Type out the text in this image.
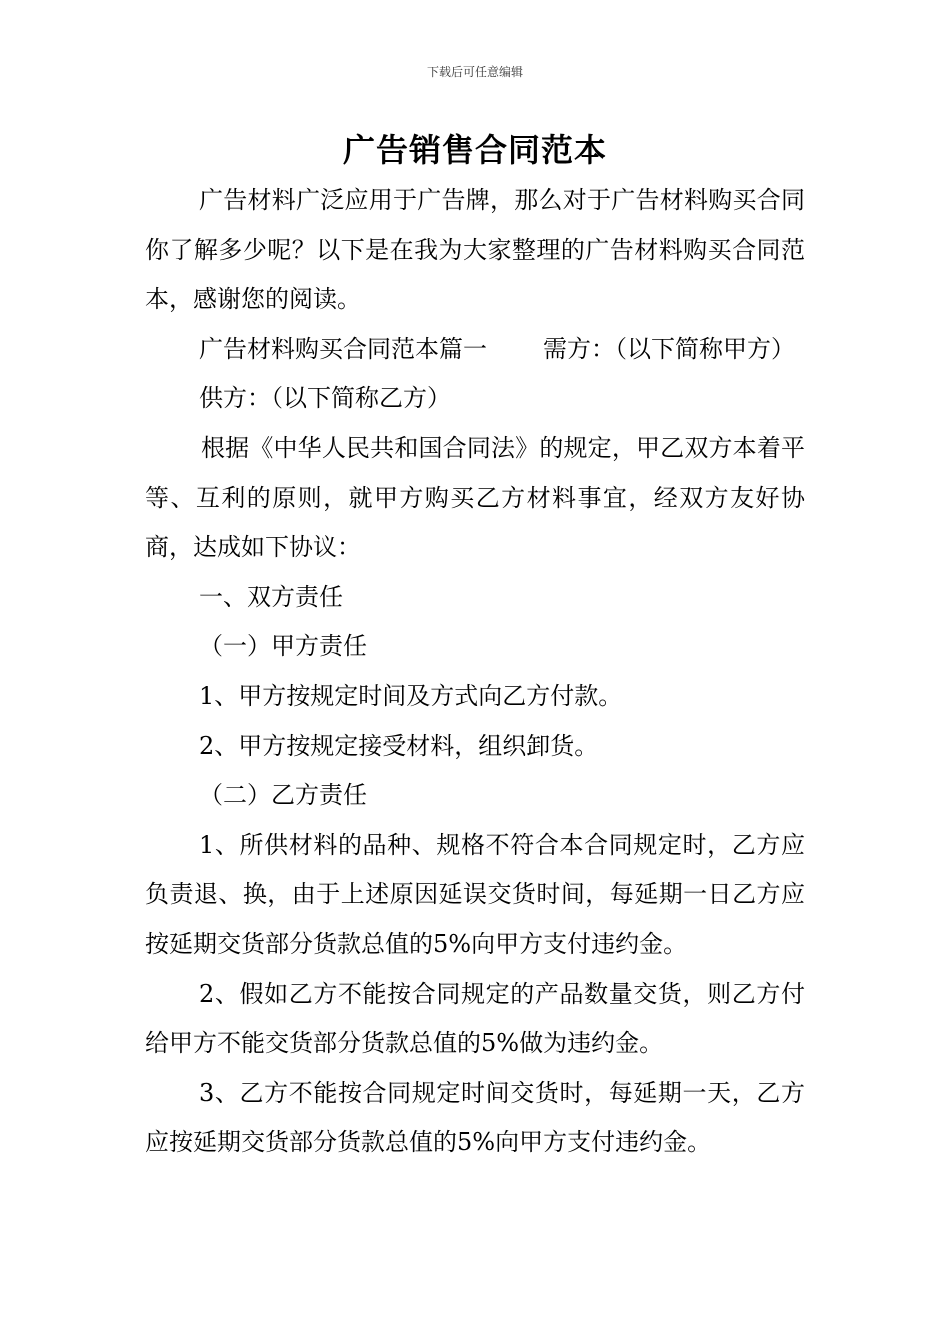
下载后可任意编辑
广告销售合同范本

广告材料广泛应用于广告牌，那么对于广告材料购买合同你了解多少呢？以下是在我为大家整理的广告材料购买合同范本，感谢您的阅读。

广告材料购买合同范本篇一 需方：（以下简称甲方）

供方：（以下简称乙方）

根据《中华人民共和国合同法》的规定，甲乙双方本着平等、互利的原则，就甲方购买乙方材料事宜，经双方友好协商，达成如下协议：

一、双方责任

（一）甲方责任

1、甲方按规定时间及方式向乙方付款。

2、甲方按规定接受材料，组织卸货。

（二）乙方责任

1、所供材料的品种、规格不符合本合同规定时，乙方应负责退、换，由于上述原因延误交货时间，每延期一日乙方应按延期交货部分货款总值的5%向甲方支付违约金。

2、假如乙方不能按合同规定的产品数量交货，则乙方付给甲方不能交货部分货款总值的5%做为违约金。

3、乙方不能按合同规定时间交货时，每延期一天，乙方应按延期交货部分货款总值的5%向甲方支付违约金。
